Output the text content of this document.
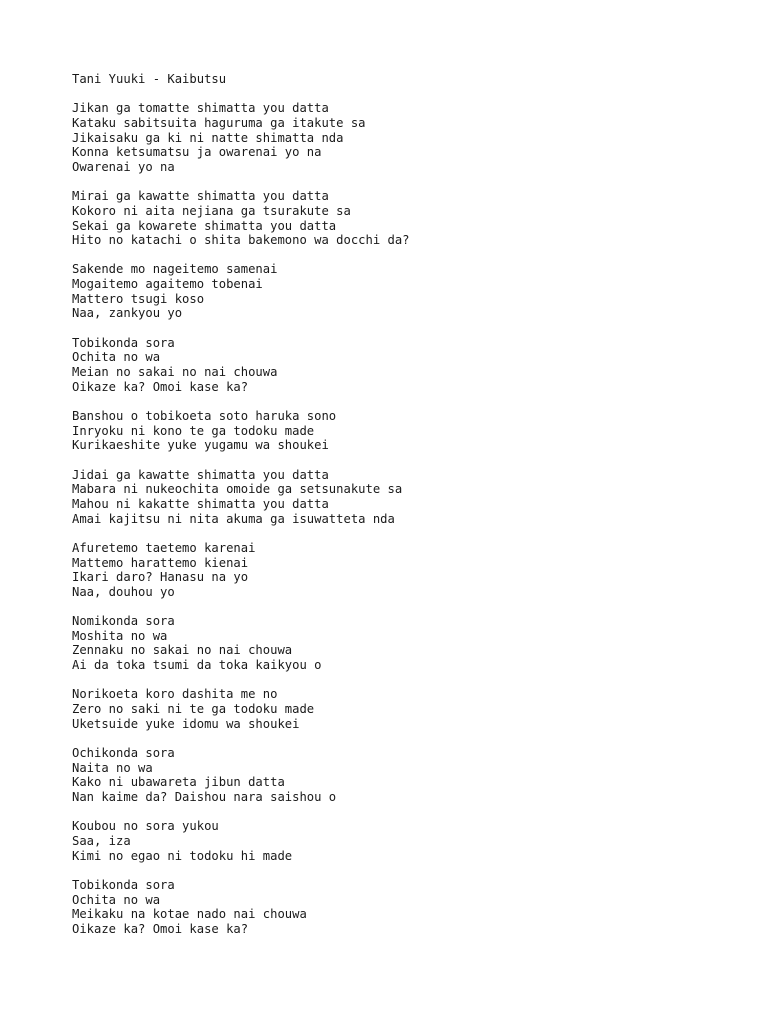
Tani Yuuki - Kaibutsu
Jikan ga tomatte shimatta you datta
Kataku sabitsuita haguruma ga itakute sa
Jikaisaku ga ki ni natte shimatta nda
Konna ketsumatsu ja owarenai yo na
Owarenai yo na
Mirai ga kawatte shimatta you datta
Kokoro ni aita nejiana ga tsurakute sa
Sekai ga kowarete shimatta you datta
Hito no katachi o shita bakemono wa docchi da?
Sakende mo nageitemo samenai
Mogaitemo agaitemo tobenai
Mattero tsugi koso
Naa, zankyou yo
Tobikonda sora
Ochita no wa
Meian no sakai no nai chouwa
Oikaze ka? Omoi kase ka?
Banshou o tobikoeta soto haruka sono
Inryoku ni kono te ga todoku made
Kurikaeshite yuke yugamu wa shoukei
Jidai ga kawatte shimatta you datta
Mabara ni nukeochita omoide ga setsunakute sa
Mahou ni kakatte shimatta you datta
Amai kajitsu ni nita akuma ga isuwatteta nda
Afuretemo taetemo karenai
Mattemo harattemo kienai
Ikari daro? Hanasu na yo
Naa, douhou yo
Nomikonda sora
Moshita no wa
Zennaku no sakai no nai chouwa
Ai da toka tsumi da toka kaikyou o
Norikoeta koro dashita me no
Zero no saki ni te ga todoku made
Uketsuide yuke idomu wa shoukei
Ochikonda sora
Naita no wa
Kako ni ubawareta jibun datta
Nan kaime da? Daishou nara saishou o
Koubou no sora yukou
Saa, iza
Kimi no egao ni todoku hi made
Tobikonda sora
Ochita no wa
Meikaku na kotae nado nai chouwa
Oikaze ka? Omoi kase ka?
